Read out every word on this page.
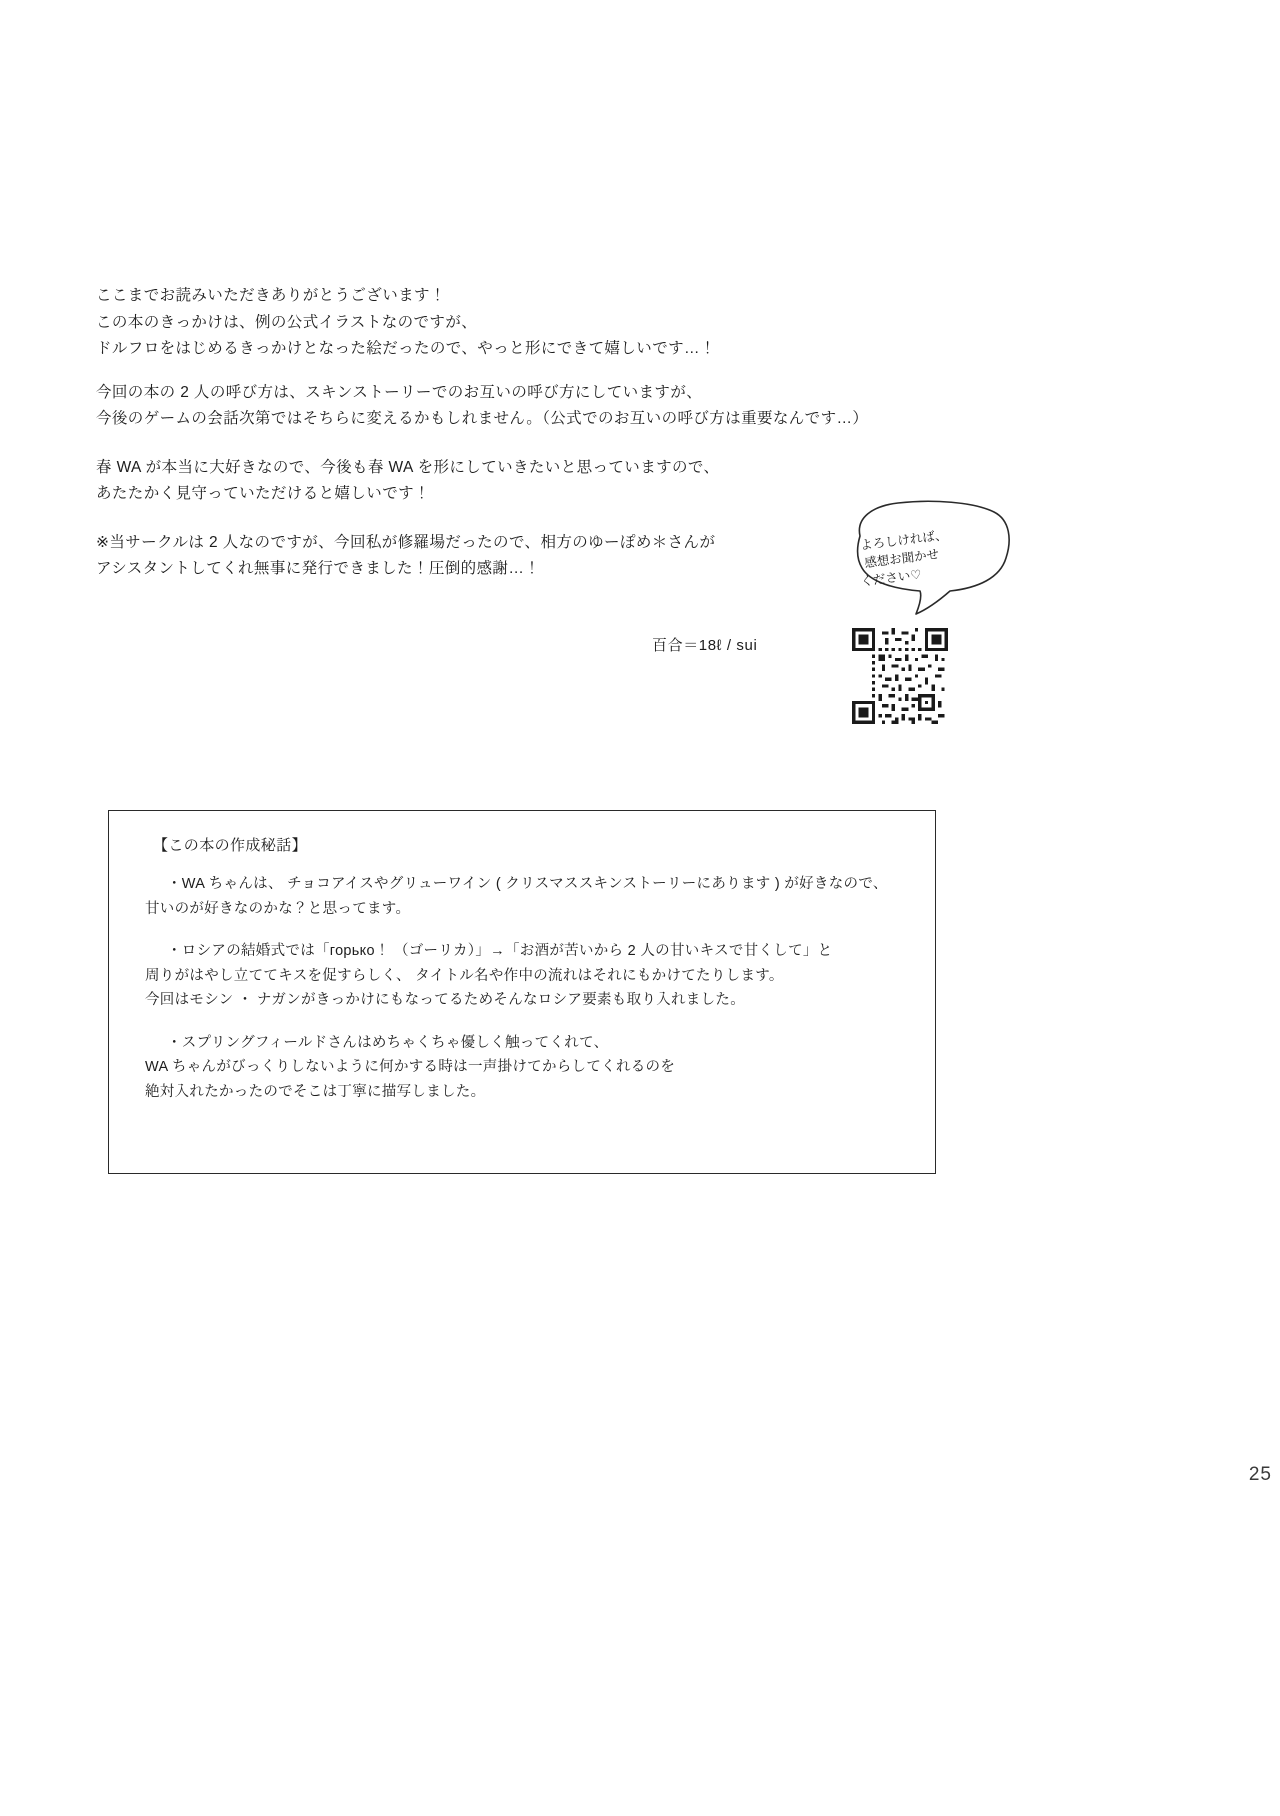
ここまでお読みいただきありがとうございます！
この本のきっかけは、例の公式イラストなのですが、
ドルフロをはじめるきっかけとなった絵だったので、やっと形にできて嬉しいです…！

今回の本の 2 人の呼び方は、スキンストーリーでのお互いの呼び方にしていますが、
今後のゲームの会話次第ではそちらに変えるかもしれません。（公式でのお互いの呼び方は重要なんです…）

春 WA が本当に大好きなので、今後も春 WA を形にしていきたいと思っていますので、
あたたかく見守っていただけると嬉しいです！

※当サークルは 2 人なのですが、今回私が修羅場だったので、相方のゆーぽめ＊さんが
アシスタントしてくれ無事に発行できました！圧倒的感謝…！

百合＝18ℓ / sui
よろしければ、
感想お聞かせ
ください♡
【この本の作成秘話】
・WA ちゃんは、 チョコアイスやグリューワイン ( クリスマススキンストーリーにあります ) が好きなので、
甘いのが好きなのかな？と思ってます。
・ロシアの結婚式では「горько！ （ゴーリカ）」→「お酒が苦いから 2 人の甘いキスで甘くして」と
周りがはやし立ててキスを促すらしく、 タイトル名や作中の流れはそれにもかけてたりします。
今回はモシン ・ ナガンがきっかけにもなってるためそんなロシア要素も取り入れました。
・スプリングフィールドさんはめちゃくちゃ優しく触ってくれて、
WA ちゃんがびっくりしないように何かする時は一声掛けてからしてくれるのを
絶対入れたかったのでそこは丁寧に描写しました。
25
